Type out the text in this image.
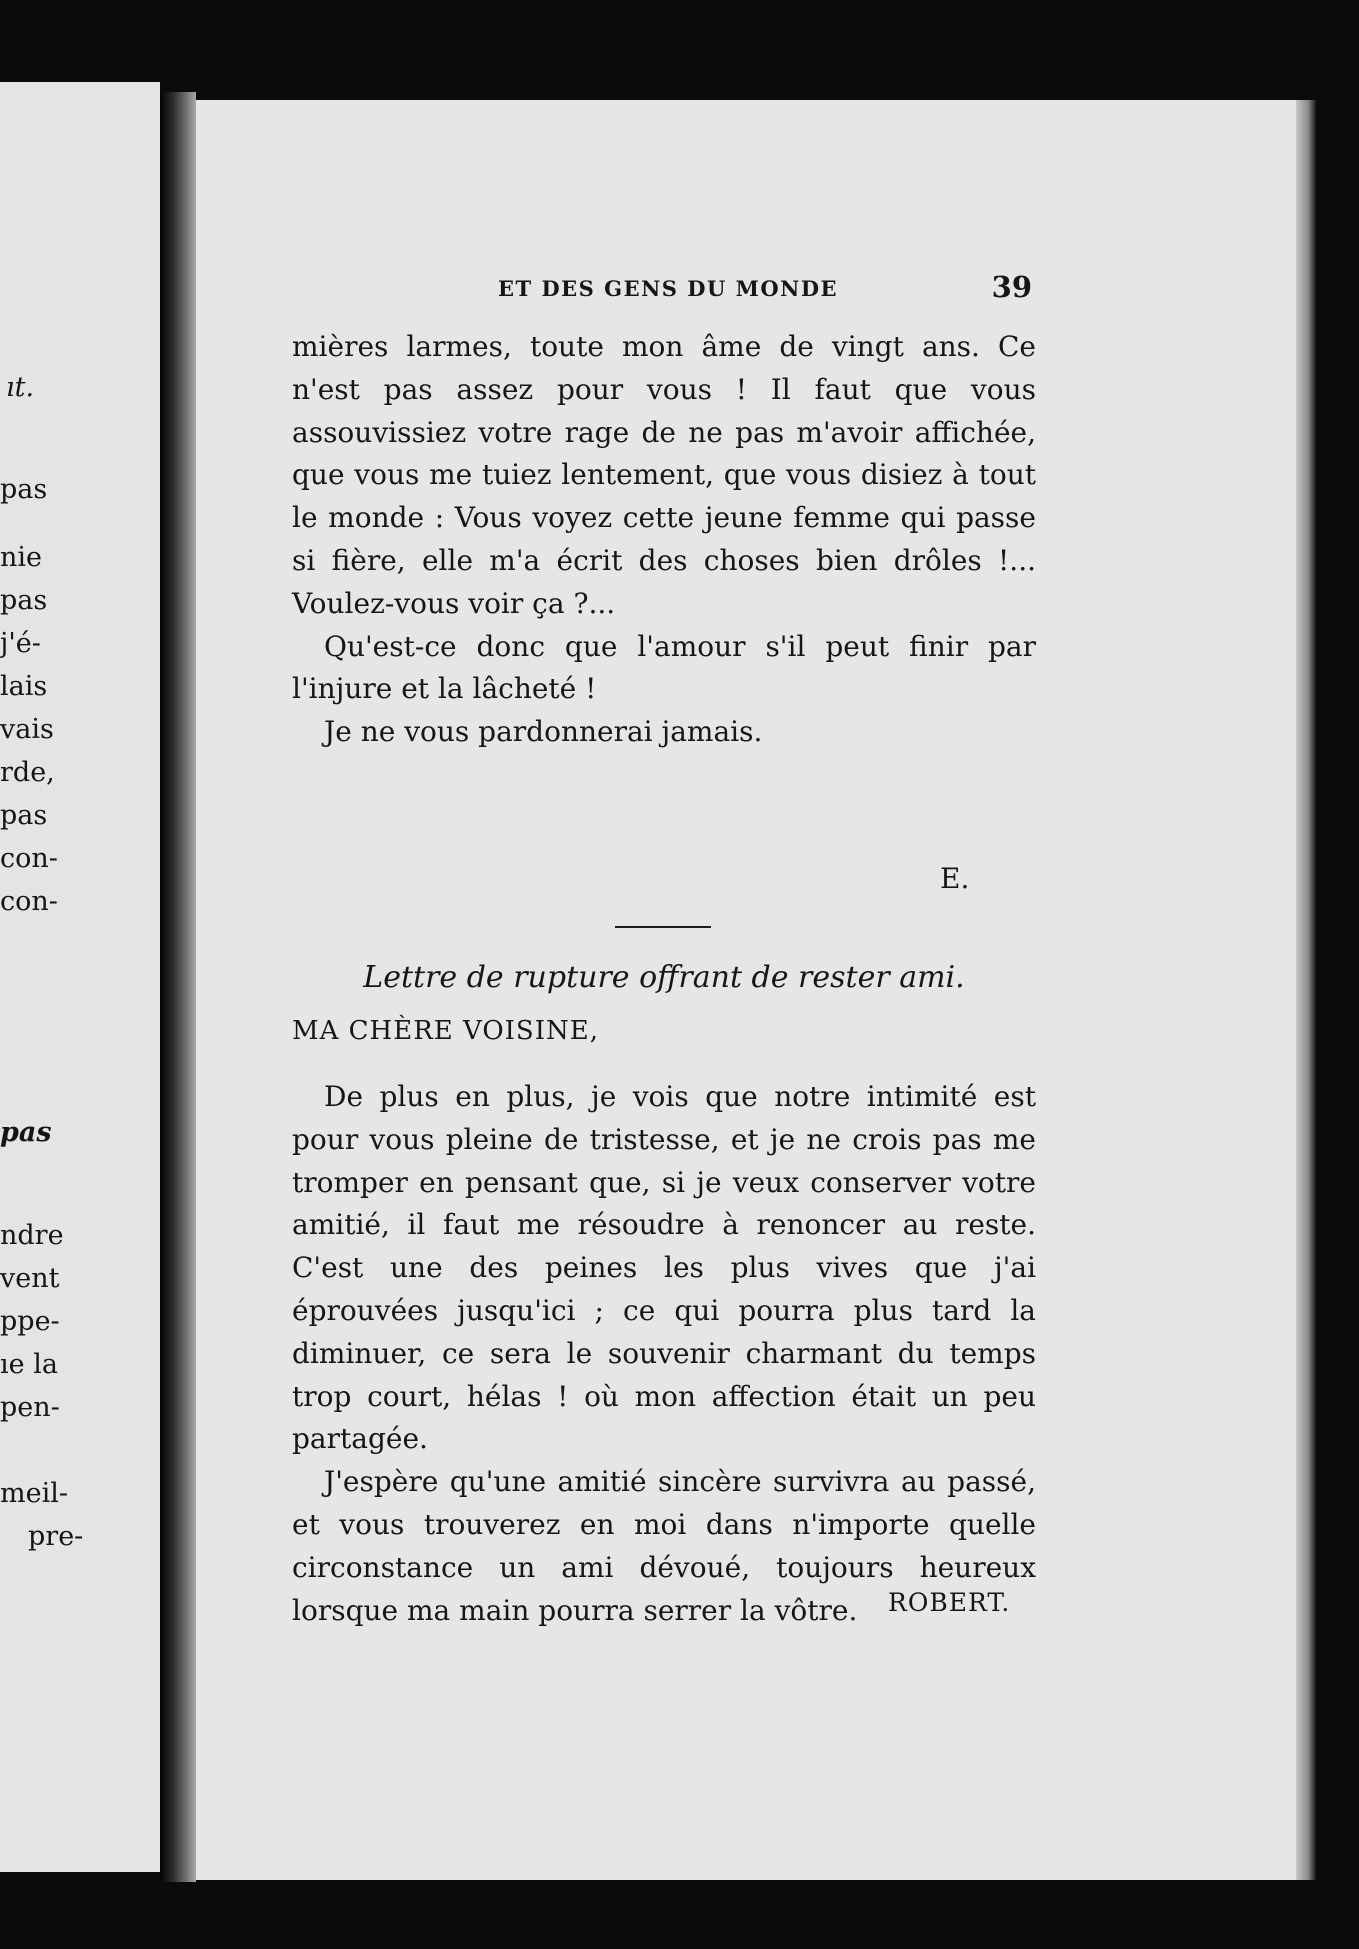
ıt.
pas
nie
pas
j'é-
lais
vais
rde,
pas
con-
con-
pas
ndre
vent
ppe-
ıe la
pen-
meil-
pre-
ET DES GENS DU MONDE	39

mières larmes, toute mon âme de vingt ans. Ce n'est pas assez pour vous ! Il faut que vous assouvissiez votre rage de ne pas m'avoir affichée, que vous me tuiez lentement, que vous disiez à tout le monde : Vous voyez cette jeune femme qui passe si fière, elle m'a écrit des choses bien drôles !... Voulez-vous voir ça ?...

Qu'est-ce donc que l'amour s'il peut finir par l'injure et la lâcheté !

Je ne vous pardonnerai jamais.

E.
Lettre de rupture offrant de rester ami.
MA CHÈRE VOISINE,

De plus en plus, je vois que notre intimité est pour vous pleine de tristesse, et je ne crois pas me tromper en pensant que, si je veux conserver votre amitié, il faut me résoudre à renoncer au reste. C'est une des peines les plus vives que j'ai éprouvées jusqu'ici ; ce qui pourra plus tard la diminuer, ce sera le souvenir charmant du temps trop court, hélas ! où mon affection était un peu partagée.

J'espère qu'une amitié sincère survivra au passé, et vous trouverez en moi dans n'importe quelle circonstance un ami dévoué, toujours heureux lorsque ma main pourra serrer la vôtre.	ROBERT.
